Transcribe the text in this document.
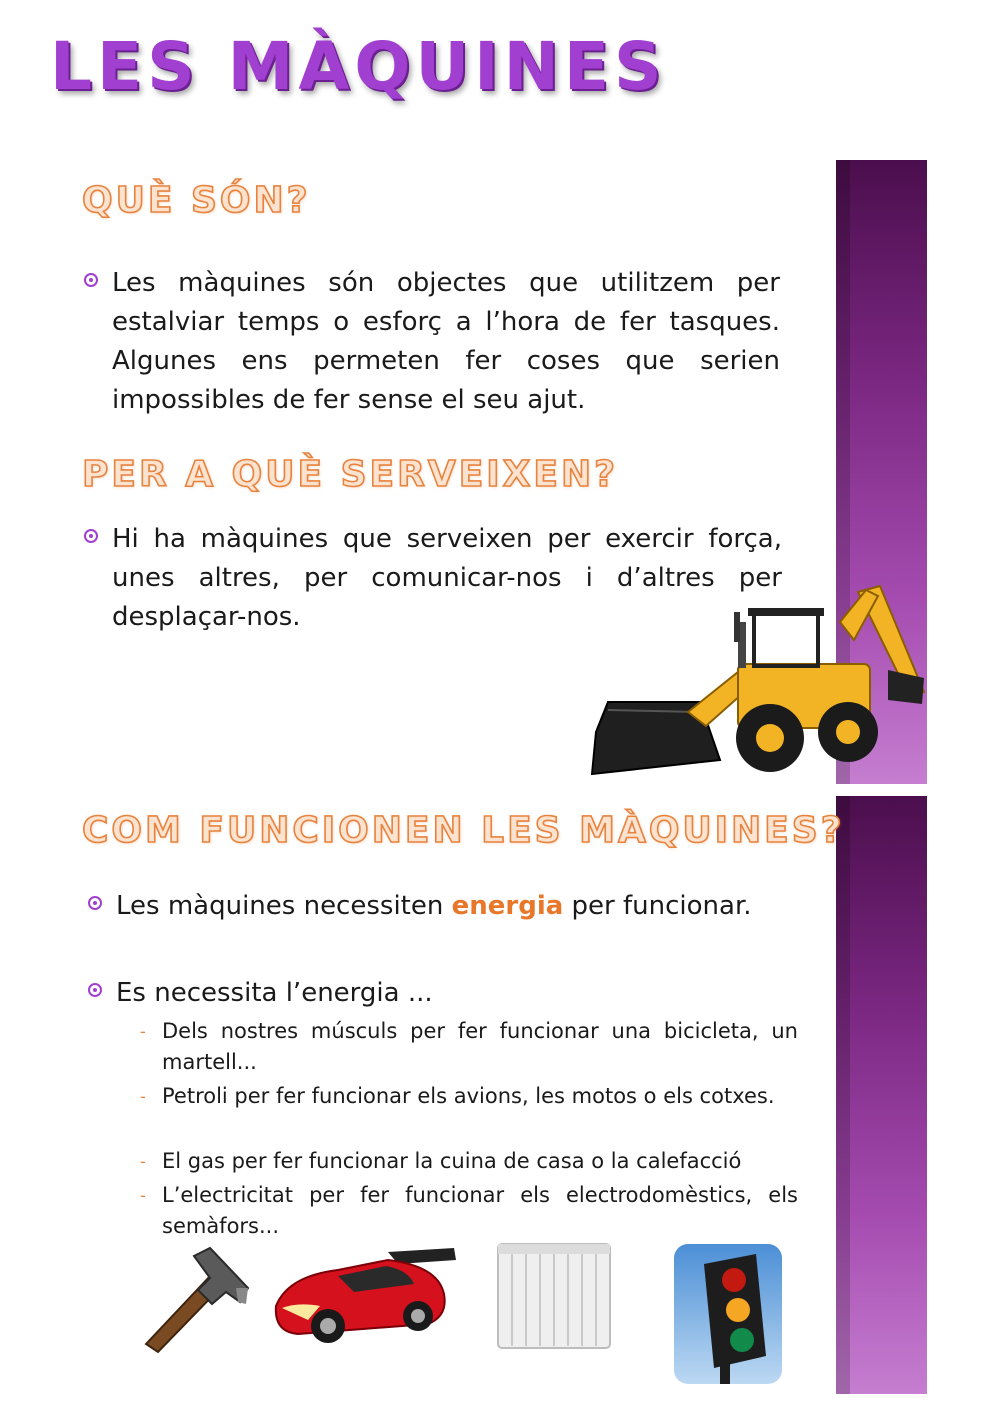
LES MÀQUINES
QUÈ SÓN?
Les màquines són objectes que utilitzem per estalviar temps o esforç a l’hora de fer tasques. Algunes ens permeten fer coses que serien impossibles de fer sense el seu ajut.
PER A QUÈ SERVEIXEN?
Hi ha màquines que serveixen per exercir força, unes altres, per comunicar-nos i d’altres per desplaçar-nos.
COM FUNCIONEN LES MÀQUINES?
Les màquines necessiten energia per funcionar.
Es necessita l’energia ...
- Dels nostres músculs per fer funcionar una bicicleta, un martell...
- Petroli per fer funcionar els avions, les motos o els cotxes.
- El gas per fer funcionar la cuina de casa o la calefacció
- L’electricitat per fer funcionar els electrodomèstics, els semàfors...
